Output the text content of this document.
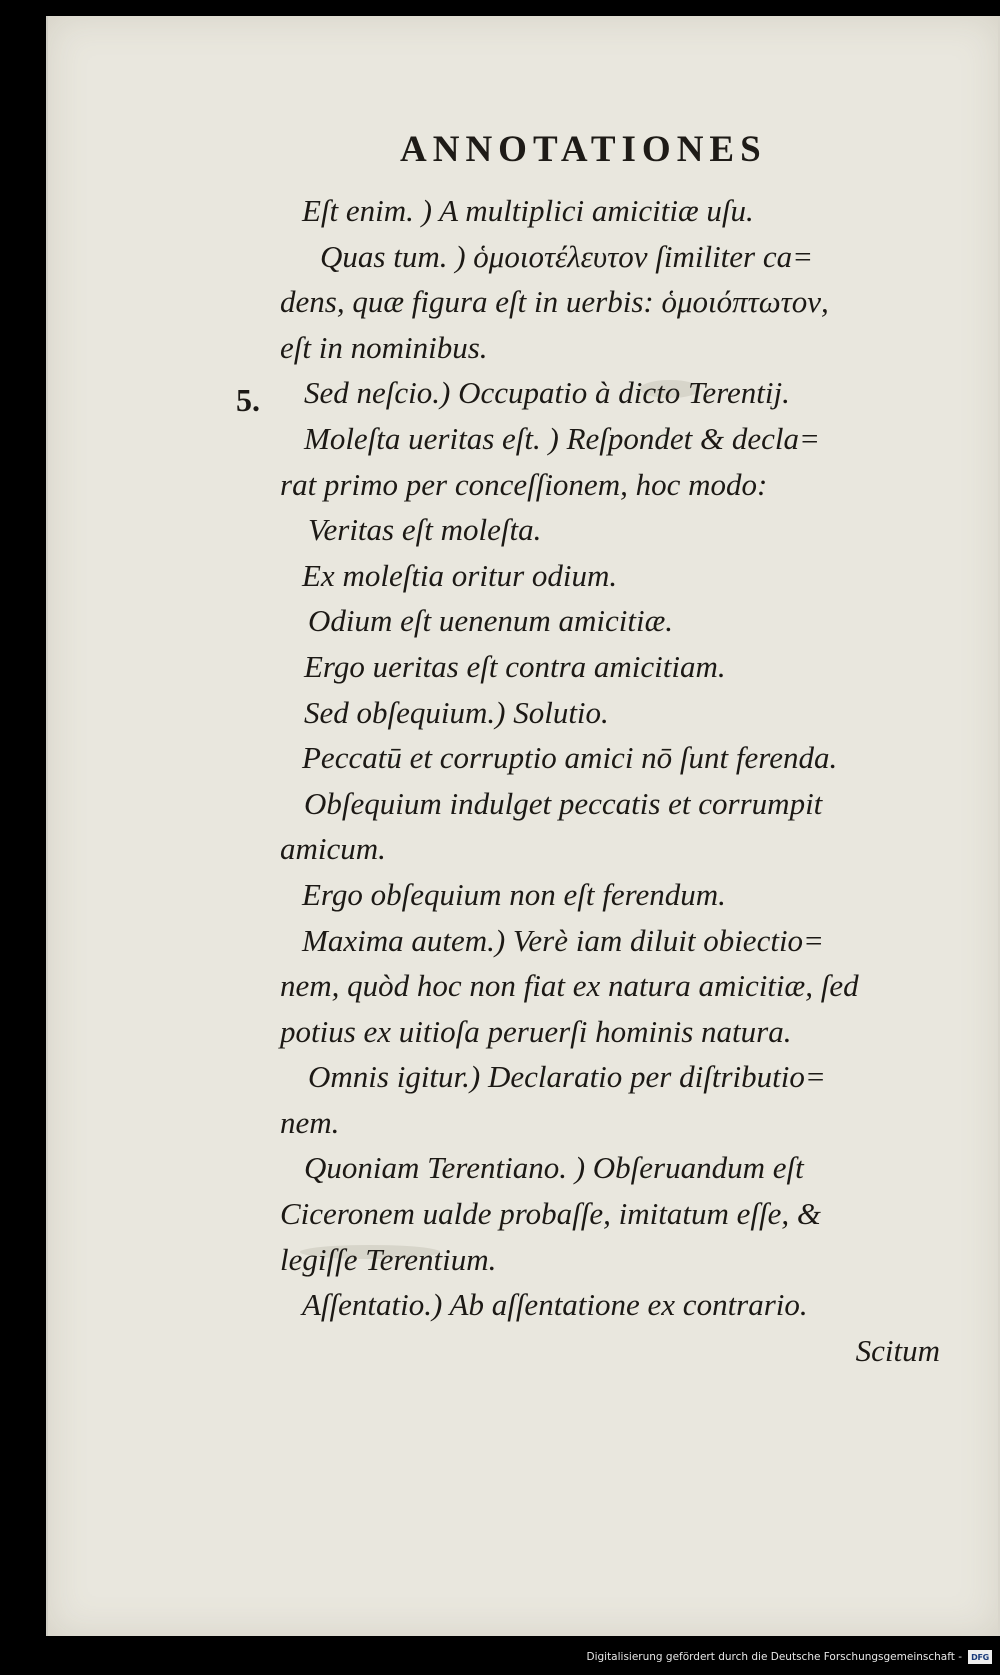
ANNOTATIONES
5.
Eſt enim. ) A multiplici amicitiæ uſu.
Quas tum. ) ὁμοιοτέλευτον ſimiliter ca=
dens, quæ figura eſt in uerbis: ὁμοιόπτωτον,
eſt in nominibus.
Sed neſcio.) Occupatio à dicto Terentij.
Moleſta ueritas eſt. ) Reſpondet & decla=
rat primo per conceſſionem, hoc modo:
Veritas eſt moleſta.
Ex moleſtia oritur odium.
Odium eſt uenenum amicitiæ.
Ergo ueritas eſt contra amicitiam.
Sed obſequium.) Solutio.
Peccatū et corruptio amici nō ſunt ferenda.
Obſequium indulget peccatis et corrumpit
amicum.
Ergo obſequium non eſt ferendum.
Maxima autem.) Verè iam diluit obiectio=
nem, quòd hoc non fiat ex natura amicitiæ, ſed
potius ex uitioſa peruerſi hominis natura.
Omnis igitur.) Declaratio per diſtributio=
nem.
Quoniam Terentiano. ) Obſeruandum eſt
Ciceronem ualde probaſſe, imitatum eſſe, &
legiſſe Terentium.
Aſſentatio.) Ab aſſentatione ex contrario.
Scitum
Digitalisierung gefördert durch die Deutsche Forschungsgemeinschaft - DFG
